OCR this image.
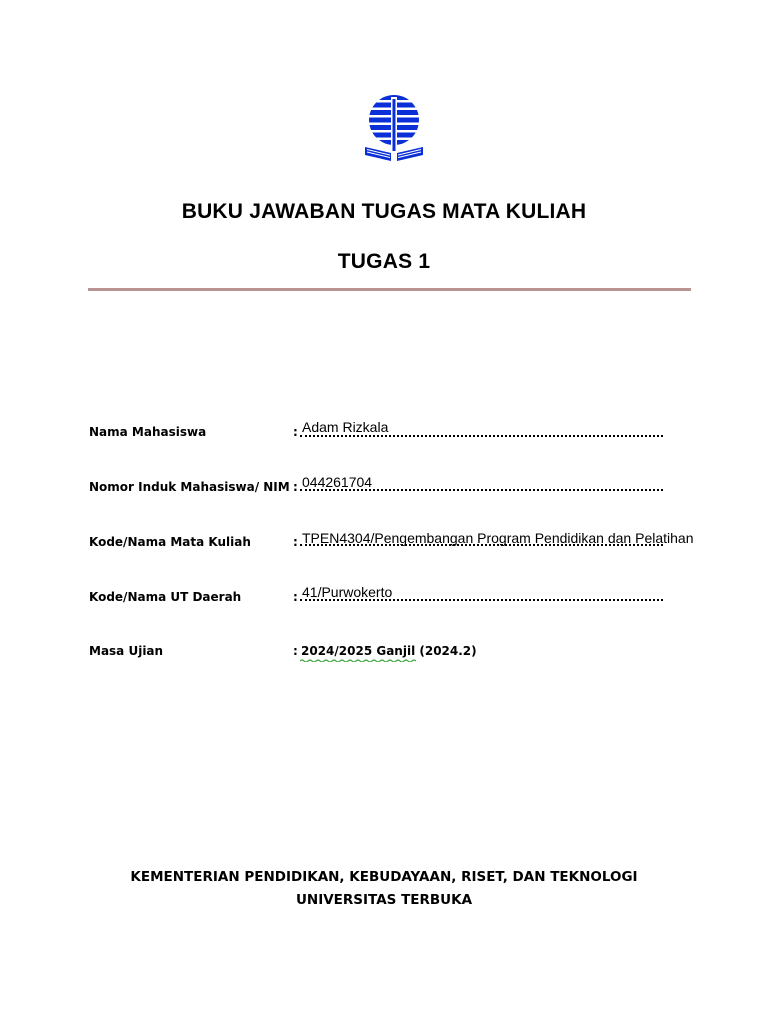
BUKU JAWABAN TUGAS MATA KULIAH
TUGAS 1
Nama Mahasiswa	: Adam Rizkala
Nomor Induk Mahasiswa/ NIM : 044261704
Kode/Nama Mata Kuliah	: TPEN4304/Pengembangan Program Pendidikan dan Pelatihan
Kode/Nama UT Daerah	: 41/Purwokerto
Masa Ujian	: 2024/2025 Ganjil (2024.2)
KEMENTERIAN PENDIDIKAN, KEBUDAYAAN, RISET, DAN TEKNOLOGI
UNIVERSITAS TERBUKA
